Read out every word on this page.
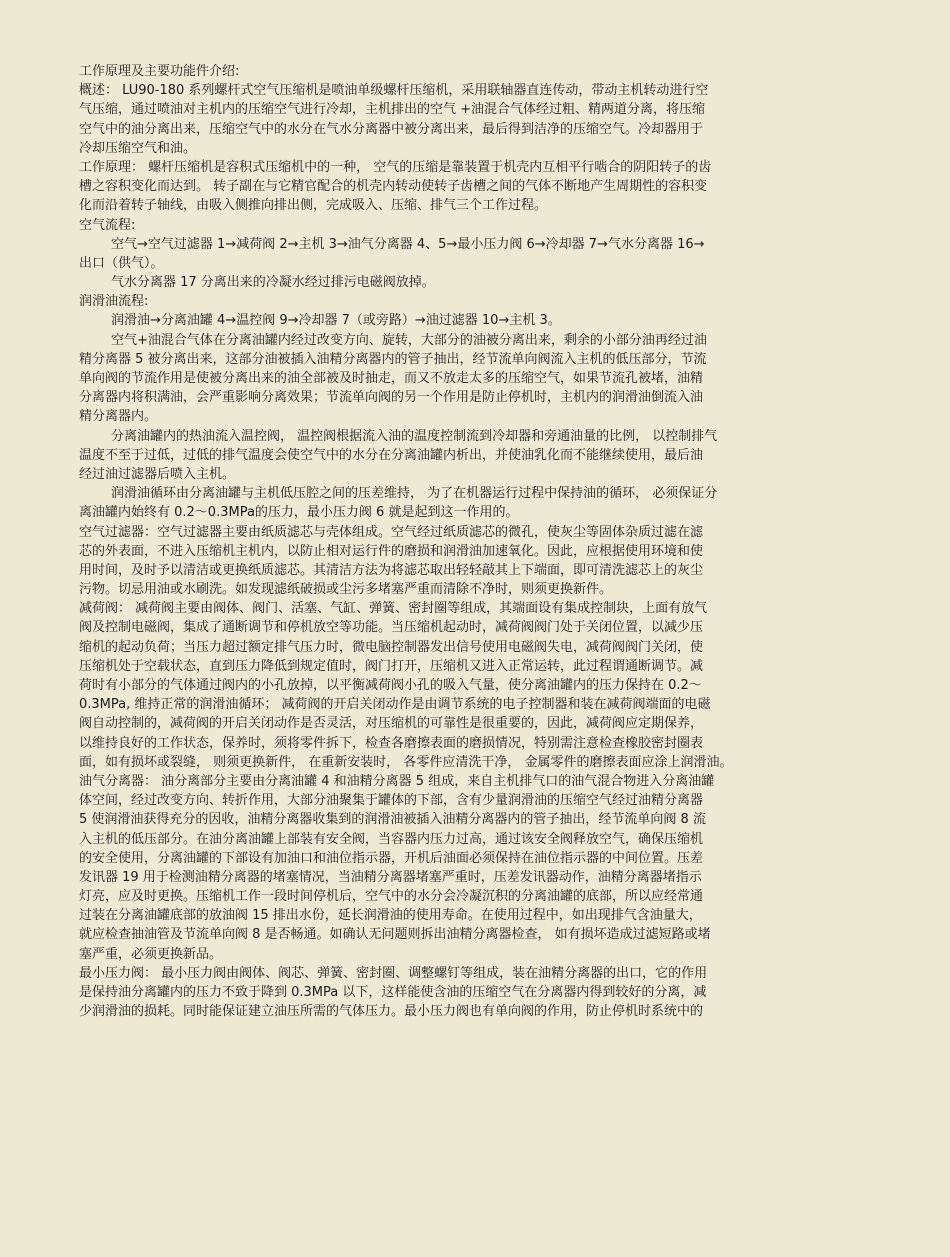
工作原理及主要功能件介绍:
概述： LU90-180 系列螺杆式空气压缩机是喷油单级螺杆压缩机，采用联轴器直连传动，带动主机转动进行空
气压缩，通过喷油对主机内的压缩空气进行冷却，主机排出的空气 +油混合气体经过粗、精两道分离，将压缩
空气中的油分离出来，压缩空气中的水分在气水分离器中被分离出来，最后得到洁净的压缩空气。冷却器用于
冷却压缩空气和油。
工作原理： 螺杆压缩机是容积式压缩机中的一种， 空气的压缩是靠装置于机壳内互相平行啮合的阴阳转子的齿
槽之容积变化而达到。 转子副在与它精官配合的机壳内转动使转子齿槽之间的气体不断地产生周期性的容积变
化而沿着转子轴线，由吸入侧推向排出侧，完成吸入、压缩、排气三个工作过程。
空气流程:
空气→空气过滤器 1→减荷阀 2→主机 3→油气分离器 4、5→最小压力阀 6→冷却器 7→气水分离器 16→
出口（供气）。
气水分离器 17 分离出来的冷凝水经过排污电磁阀放掉。
润滑油流程:
润滑油→分离油罐 4→温控阀 9→冷却器 7（或旁路）→油过滤器 10→主机 3。
空气+油混合气体在分离油罐内经过改变方向、旋转，大部分的油被分离出来，剩余的小部分油再经过油
精分离器 5 被分离出来，这部分油被插入油精分离器内的管子抽出，经节流单向阀流入主机的低压部分，节流
单向阀的节流作用是使被分离出来的油全部被及时抽走，而又不放走太多的压缩空气，如果节流孔被堵，油精
分离器内将积满油，会严重影响分离效果；节流单向阀的另一个作用是防止停机时，主机内的润滑油倒流入油
精分离器内。
分离油罐内的热油流入温控阀， 温控阀根据流入油的温度控制流到冷却器和旁通油量的比例， 以控制排气
温度不至于过低，过低的排气温度会使空气中的水分在分离油罐内析出，并使油乳化而不能继续使用，最后油
经过油过滤器后喷入主机。
润滑油循环由分离油罐与主机低压腔之间的压差维持， 为了在机器运行过程中保持油的循环， 必须保证分
离油罐内始终有 0.2～0.3MPa的压力，最小压力阀 6 就是起到这一作用的。
空气过滤器：空气过滤器主要由纸质滤芯与壳体组成。空气经过纸质滤芯的微孔，使灰尘等固体杂质过滤在滤
芯的外表面，不进入压缩机主机内，以防止相对运行件的磨损和润滑油加速氧化。因此，应根据使用环境和使
用时间，及时予以清洁或更换纸质滤芯。其清洁方法为将滤芯取出轻轻敲其上下端面，即可清洗滤芯上的灰尘
污物。切忌用油或水刷洗。如发现滤纸破损或尘污多堵塞严重而清除不净时，则须更换新件。
减荷阀： 减荷阀主要由阀体、阀门、活塞、气缸、弹簧、密封圈等组成，其端面设有集成控制块，上面有放气
阀及控制电磁阀，集成了通断调节和停机放空等功能。当压缩机起动时，减荷阀阀门处于关闭位置，以减少压
缩机的起动负荷；当压力超过额定排气压力时，微电脑控制器发出信号使用电磁阀失电，减荷阀阀门关闭，使
压缩机处于空载状态，直到压力降低到规定值时，阀门打开，压缩机又进入正常运转，此过程谓通断调节。减
荷时有小部分的气体通过阀内的小孔放掉，以平衡减荷阀小孔的吸入气量，使分离油罐内的压力保持在 0.2～
0.3MPa, 维持正常的润滑油循环； 减荷阀的开启关闭动作是由调节系统的电子控制器和装在减荷阀端面的电磁
阀自动控制的，减荷阀的开启关闭动作是否灵活，对压缩机的可靠性是很重要的，因此，减荷阀应定期保养，
以维持良好的工作状态，保养时，须将零件拆下，检查各磨擦表面的磨损情况，特别需注意检查橡胶密封圈表
面，如有损坏或裂缝， 则须更换新件， 在重新安装时， 各零件应清洗干净， 金属零件的磨擦表面应涂上润滑油。
油气分离器： 油分离部分主要由分离油罐 4 和油精分离器 5 组成，来自主机排气口的油气混合物进入分离油罐
体空间，经过改变方向、转折作用，大部分油聚集于罐体的下部，含有少量润滑油的压缩空气经过油精分离器
5 使润滑油获得充分的因收，油精分离器收集到的润滑油被插入油精分离器内的管子抽出，经节流单向阀 8 流
入主机的低压部分。在油分离油罐上部装有安全阀，当容器内压力过高，通过该安全阀释放空气，确保压缩机
的安全使用，分离油罐的下部设有加油口和油位指示器，开机后油面必须保持在油位指示器的中间位置。压差
发讯器 19 用于检测油精分离器的堵塞情况，当油精分离器堵塞严重时，压差发讯器动作，油精分离器堵指示
灯亮，应及时更换。压缩机工作一段时间停机后，空气中的水分会冷凝沉积的分离油罐的底部，所以应经常通
过装在分离油罐底部的放油阀 15 排出水份，延长润滑油的使用寿命。在使用过程中，如出现排气含油量大，
就应检查抽油管及节流单向阀 8 是否畅通。如确认无问题则拆出油精分离器检查， 如有损坏造成过滤短路或堵
塞严重，必须更换新品。
最小压力阀： 最小压力阀由阀体、阀芯、弹簧、密封圈、调整螺钉等组成，装在油精分离器的出口，它的作用
是保持油分离罐内的压力不致于降到 0.3MPa 以下，这样能使含油的压缩空气在分离器内得到较好的分离，减
少润滑油的损耗。同时能保证建立油压所需的气体压力。最小压力阀也有单向阀的作用，防止停机时系统中的
